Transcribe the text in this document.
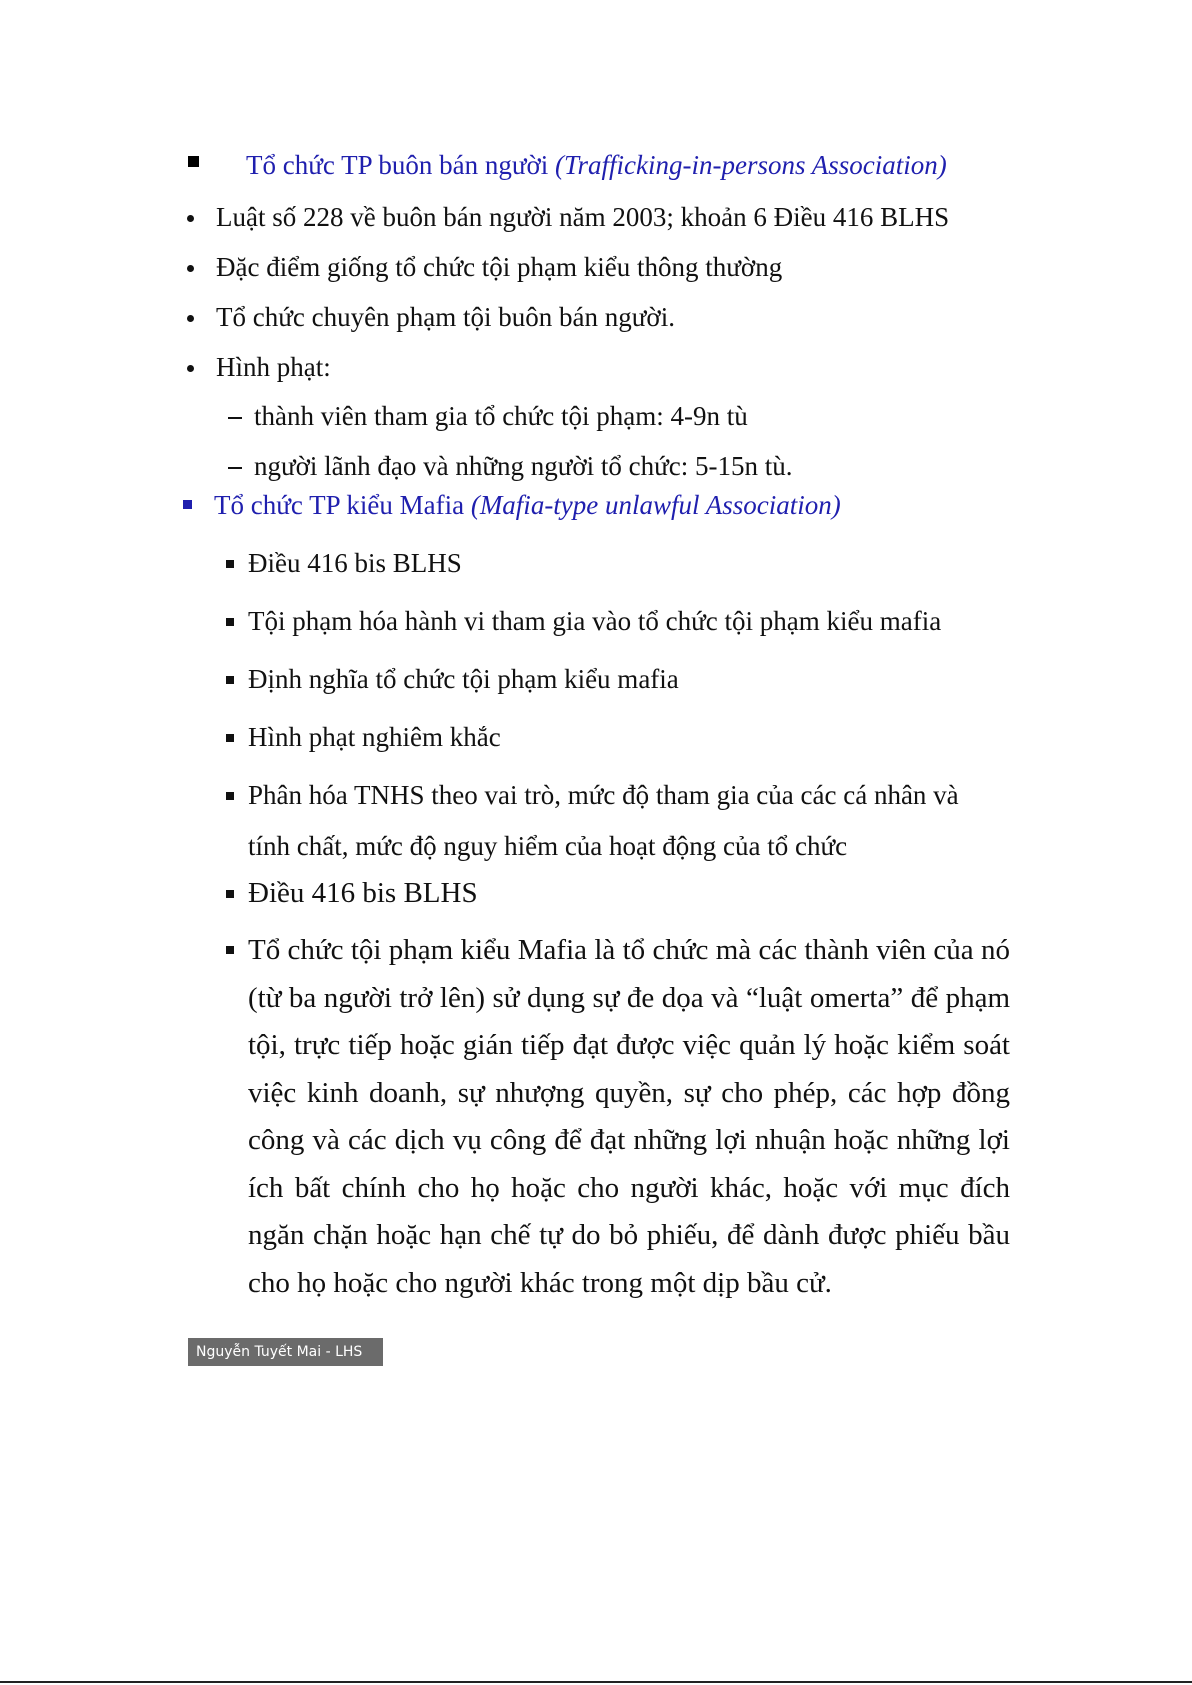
Tổ chức TP buôn bán người (Trafficking-in-persons Association)
Luật số 228 về buôn bán người năm 2003; khoản 6 Điều 416 BLHS
Đặc điểm giống tổ chức tội phạm kiểu thông thường
Tổ chức chuyên phạm tội buôn bán người.
Hình phạt:
thành viên tham gia tổ chức tội phạm: 4-9n tù
người lãnh đạo và những người tổ chức: 5-15n tù.
Tổ chức TP kiểu Mafia (Mafia-type unlawful Association)
Điều 416 bis BLHS
Tội phạm hóa hành vi tham gia vào tổ chức tội phạm kiểu mafia
Định nghĩa tổ chức tội phạm kiểu mafia
Hình phạt nghiêm khắc
Phân hóa TNHS theo vai trò, mức độ tham gia của các cá nhân và
tính chất, mức độ nguy hiểm của hoạt động của tổ chức
Điều 416 bis BLHS
Tổ chức tội phạm kiểu Mafia là tổ chức mà các thành viên của nó (từ ba người trở lên) sử dụng sự đe dọa và “luật omerta” để phạm tội, trực tiếp hoặc gián tiếp đạt được việc quản lý hoặc kiểm soát việc kinh doanh, sự nhượng quyền, sự cho phép, các hợp đồng công và các dịch vụ công để đạt những lợi nhuận hoặc những lợi ích bất chính cho họ hoặc cho người khác, hoặc với mục đích ngăn chặn hoặc hạn chế tự do bỏ phiếu, để dành được phiếu bầu cho họ hoặc cho người khác trong một dịp bầu cử.
Nguyễn Tuyết Mai - LHS
